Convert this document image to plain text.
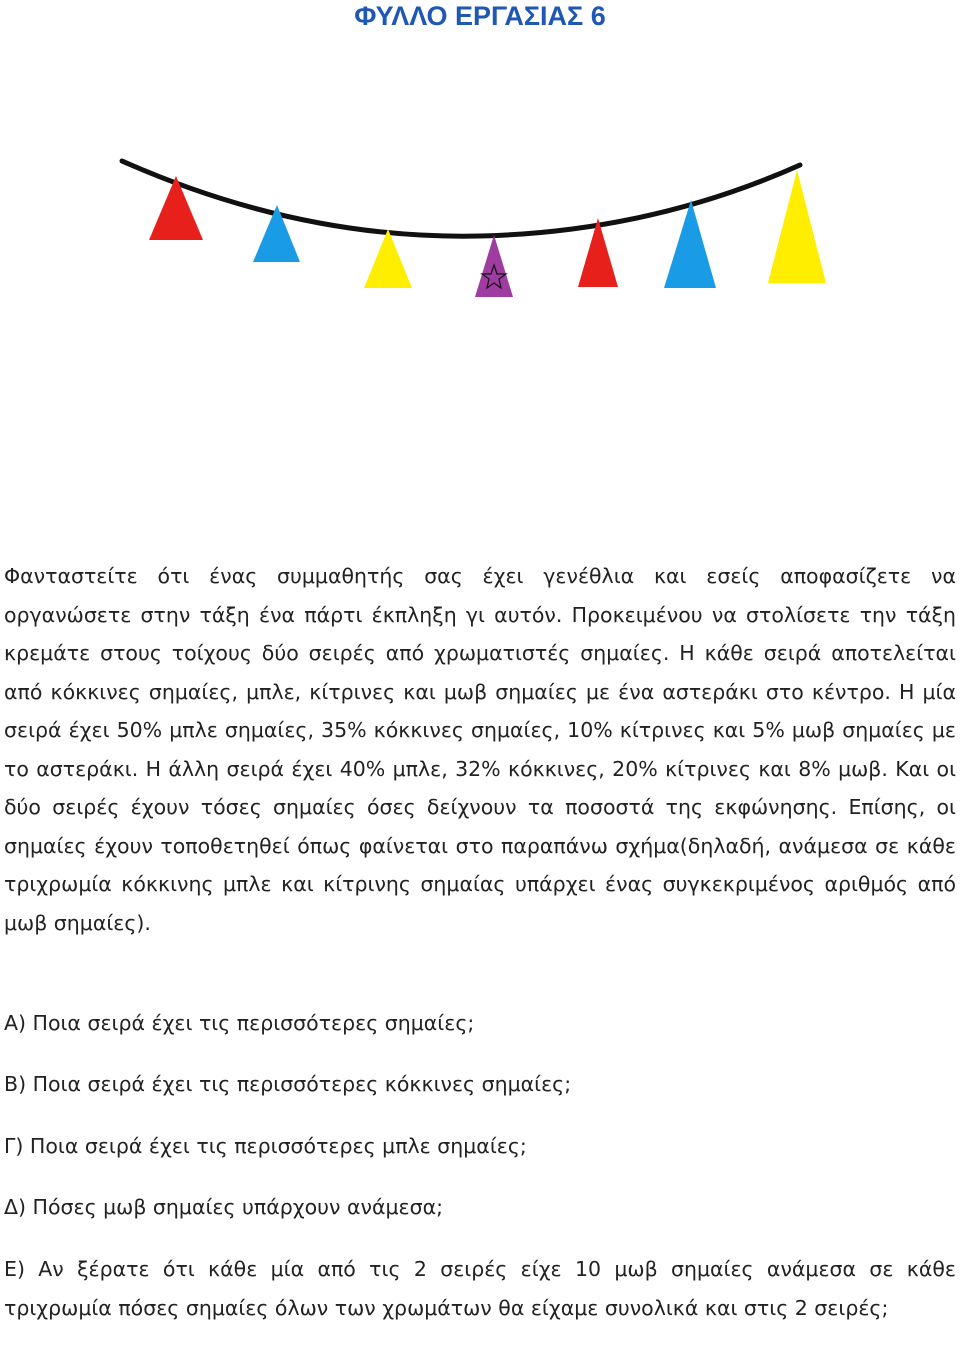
ΦΥΛΛΟ ΕΡΓΑΣΙΑΣ 6

Φανταστείτε ότι ένας συμμαθητής σας έχει γενέθλια και εσείς αποφασίζετε να οργανώσετε στην τάξη ένα πάρτι έκπληξη γι αυτόν. Προκειμένου να στολίσετε την τάξη κρεμάτε στους τοίχους δύο σειρές από χρωματιστές σημαίες. Η κάθε σειρά αποτελείται από κόκκινες σημαίες, μπλε, κίτρινες και μωβ σημαίες με ένα αστεράκι στο κέντρο. Η μία σειρά έχει 50% μπλε σημαίες, 35% κόκκινες σημαίες, 10% κίτρινες και 5% μωβ σημαίες με το αστεράκι. Η άλλη σειρά έχει 40% μπλε, 32% κόκκινες, 20% κίτρινες και 8% μωβ. Και οι δύο σειρές έχουν τόσες σημαίες όσες δείχνουν τα ποσοστά της εκφώνησης. Επίσης, οι σημαίες έχουν τοποθετηθεί όπως φαίνεται στο παραπάνω σχήμα(δηλαδή, ανάμεσα σε κάθε τριχρωμία κόκκινης μπλε και κίτρινης σημαίας υπάρχει ένας συγκεκριμένος αριθμός από μωβ σημαίες).

Α) Ποια σειρά έχει τις περισσότερες σημαίες;

Β) Ποια σειρά έχει τις περισσότερες κόκκινες σημαίες;

Γ) Ποια σειρά έχει τις περισσότερες μπλε σημαίες;

Δ) Πόσες μωβ σημαίες υπάρχουν ανάμεσα;

Ε) Αν ξέρατε ότι κάθε μία από τις 2 σειρές είχε 10 μωβ σημαίες ανάμεσα σε κάθε τριχρωμία πόσες σημαίες όλων των χρωμάτων θα είχαμε συνολικά και στις 2 σειρές;
